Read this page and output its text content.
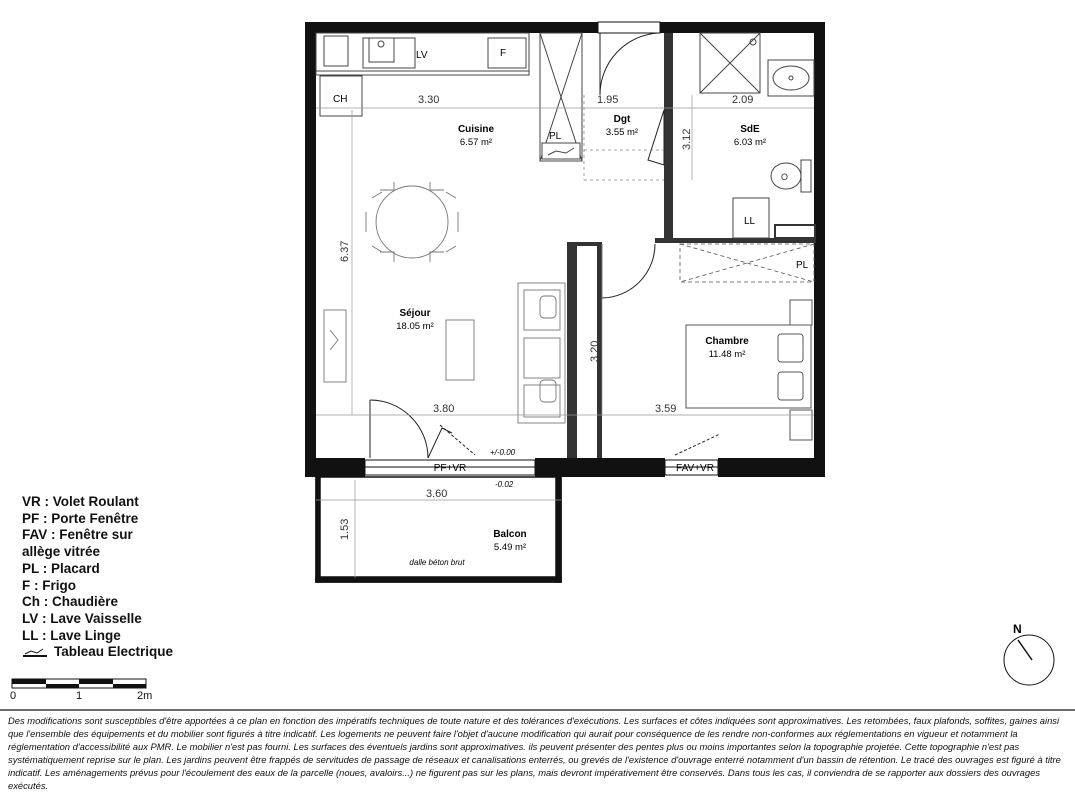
LV	F
CH
PL
O
LL
PL
3.30	1.95	2.09
3.12
6.37
3.20
3.80	3.59
3.60
1.53
Cuisine
6.57 m²
Dgt
3.55 m²	SdE
6.03 m²
Séjour
18.05 m²
Chambre
11.48 m²
Balcon
5.49 m²
PF+VR	FAV+VR
+/-0.00
-0.02
dalle béton brut
N
VR : Volet Roulant
PF : Porte Fenêtre
FAV : Fenêtre sur
allège vitrée
PL : Placard
F : Frigo
Ch : Chaudière
LV : Lave Vaisselle
LL : Lave Linge
Tableau Electrique
0	1	2m
Des modifications sont susceptibles d'être apportées à ce plan en fonction des impératifs techniques de toute nature et des tolérances d'exécutions. Les surfaces et côtes indiquées sont approximatives. Les retombées, faux plafonds, soffites, gaines ainsi que l'ensemble des équipements et du mobilier sont figurés à titre indicatif. Les logements ne peuvent faire l'objet d'aucune modification qui aurait pour conséquence de les rendre non-conformes aux réglementations en vigueur et notamment la réglementation d'accessibilité aux PMR. Le mobilier n'est pas fourni. Les surfaces des éventuels jardins sont approximatives. ils peuvent présenter des pentes plus ou moins importantes selon la topographie projetée. Cette topographie n'est pas systématiquement reprise sur le plan. Les jardins peuvent être frappés de servitudes de passage de réseaux et canalisations enterrés, ou grevés de l'existence d'ouvrage enterré notamment d'un bassin de rétention. Le tracé des ouvrages est figuré à titre indicatif. Les aménagements prévus pour l'écoulement des eaux de la parcelle (noues, avaloirs...) ne figurent pas sur les plans, mais devront impérativement être conservés. Dans tous les cas, il conviendra de se rapporter aux dossiers des ouvrages exécutés.
